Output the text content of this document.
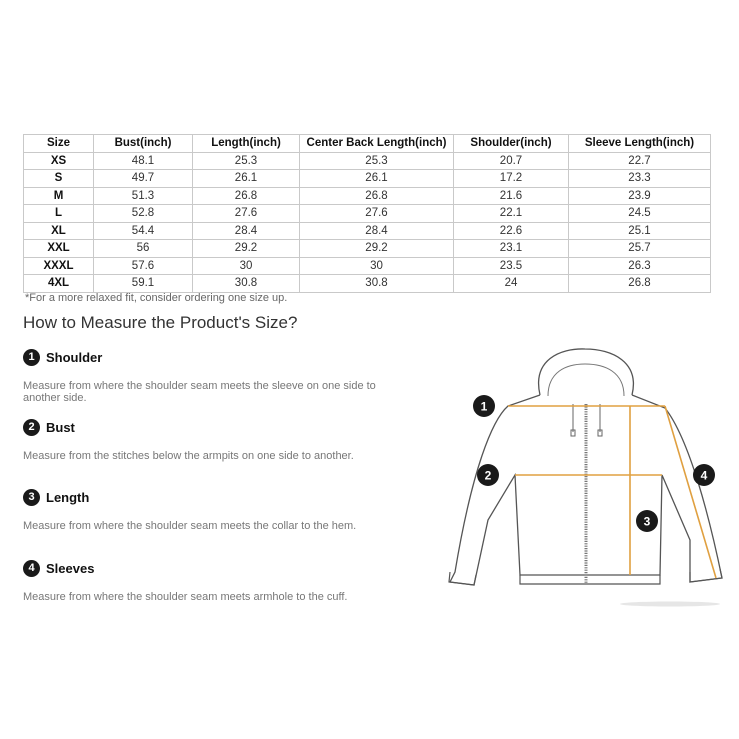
Size	Bust(inch)	Length(inch)	Center Back Length(inch)	Shoulder(inch)	Sleeve Length(inch)
XS	48.1	25.3	25.3	20.7	22.7
S	49.7	26.1	26.1	17.2	23.3
M	51.3	26.8	26.8	21.6	23.9
L	52.8	27.6	27.6	22.1	24.5
XL	54.4	28.4	28.4	22.6	25.1
XXL	56	29.2	29.2	23.1	25.7
XXXL	57.6	30	30	23.5	26.3
4XL	59.1	30.8	30.8	24	26.8
*For a more relaxed fit, consider ordering one size up.
How to Measure the Product's Size?
1 Shoulder
Measure from where the shoulder seam meets the sleeve on one side to another side.
2 Bust
Measure from the stitches below the armpits on one side to another.
3 Length
Measure from where the shoulder seam meets the collar to the hem.
4 Sleeves
Measure from where the shoulder seam meets armhole to the cuff.
1
2
3
4
